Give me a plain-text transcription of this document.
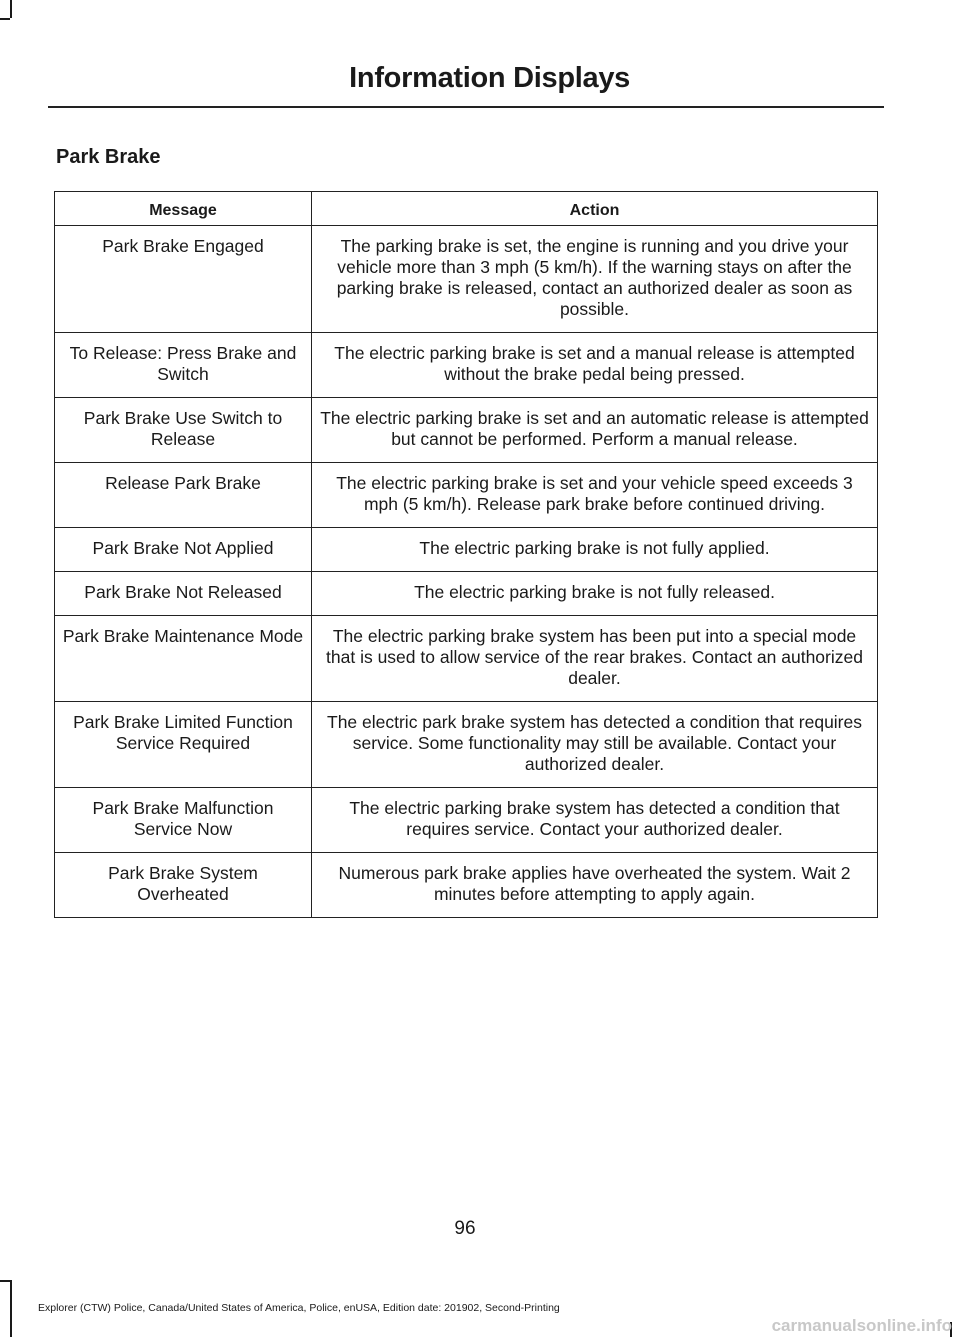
Information Displays
Park Brake
Message	Action
Park Brake Engaged	The parking brake is set, the engine is running and you drive your vehicle more than 3 mph (5 km/h). If the warning stays on after the parking brake is released, contact an authorized dealer as soon as possible.
To Release: Press Brake and Switch	The electric parking brake is set and a manual release is attempted without the brake pedal being pressed.
Park Brake Use Switch to Release	The electric parking brake is set and an automatic release is attempted but cannot be performed. Perform a manual release.
Release Park Brake	The electric parking brake is set and your vehicle speed exceeds 3 mph (5 km/h). Release park brake before continued driving.
Park Brake Not Applied	The electric parking brake is not fully applied.
Park Brake Not Released	The electric parking brake is not fully released.
Park Brake Maintenance Mode	The electric parking brake system has been put into a special mode that is used to allow service of the rear brakes. Contact an authorized dealer.
Park Brake Limited Function Service Required	The electric park brake system has detected a condition that requires service. Some functionality may still be available. Contact your authorized dealer.
Park Brake Malfunction Service Now	The electric parking brake system has detected a condition that requires service. Contact your authorized dealer.
Park Brake System Overheated	Numerous park brake applies have overheated the system. Wait 2 minutes before attempting to apply again.
96
Explorer (CTW) Police, Canada/United States of America, Police, enUSA, Edition date: 201902, Second-Printing
carmanualsonline.info
